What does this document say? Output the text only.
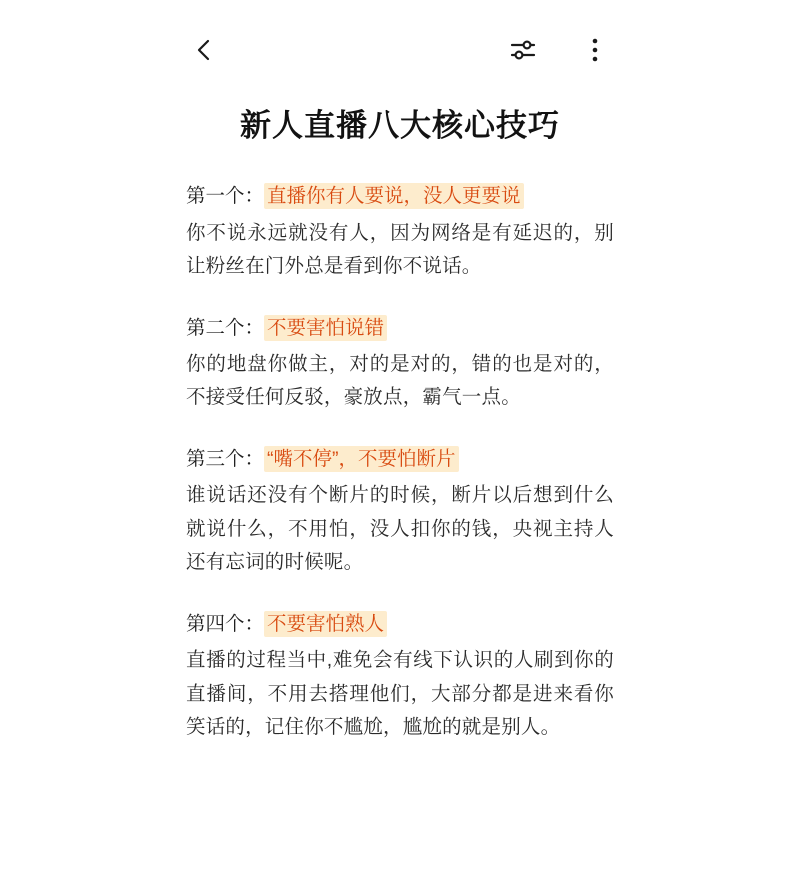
新人直播八大核心技巧
第一个： 直播你有人要说，没人更要说
你不说永远就没有人，因为网络是有延迟的，别让粉丝在门外总是看到你不说话。
第二个： 不要害怕说错
你的地盘你做主，对的是对的，错的也是对的，不接受任何反驳，豪放点，霸气一点。
第三个： “嘴不停”，不要怕断片
谁说话还没有个断片的时候，断片以后想到什么就说什么，不用怕，没人扣你的钱，央视主持人还有忘词的时候呢。
第四个： 不要害怕熟人
直播的过程当中,难免会有线下认识的人刷到你的直播间，不用去搭理他们，大部分都是进来看你笑话的，记住你不尴尬，尴尬的就是别人。
